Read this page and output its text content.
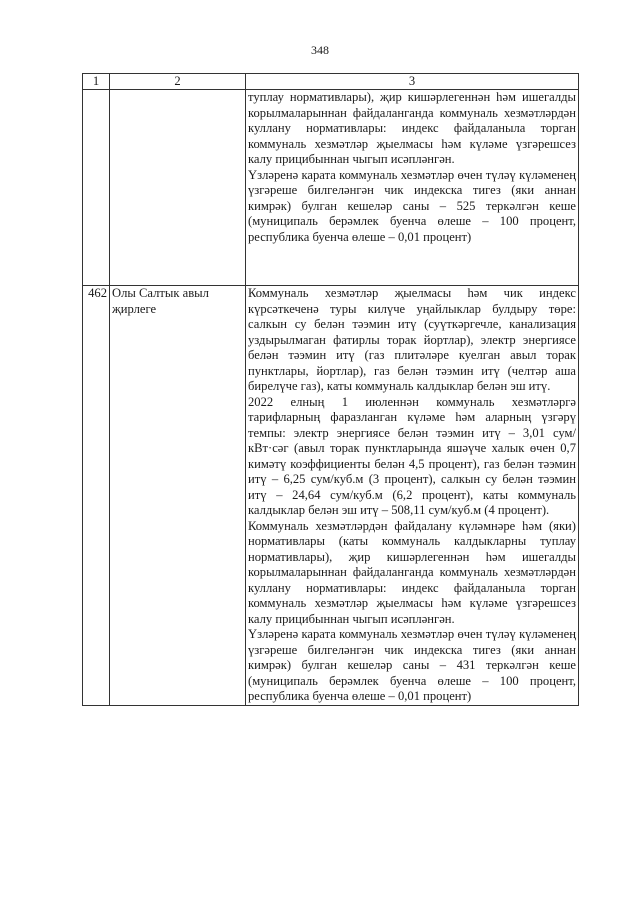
348
1	2	3

		туплау нормативлары), җир кишәрлегеннән һәм ишегалды корылмаларыннан файдаланганда коммуналь хезмәтләрдән куллану нормативлары: индекс файдаланыла торган коммуналь хезмәтләр җыелмасы һәм күләме үзгәрешсез калу прицибыннан чыгып исәпләнгән.

Үзләренә карата коммуналь хезмәтләр өчен түләү күләменең үзгәреше билгеләнгән чик индекска тигез (яки аннан кимрәк) булган кешеләр саны – 525 теркәлгән кеше (муниципаль берәмлек буенча өлеше – 100 процент, республика буенча өлеше – 0,01 процент)

462	Олы Салтык авыл җирлеге	Коммуналь хезмәтләр җыелмасы һәм чик индекс күрсәткеченә туры килүче уңайлыклар булдыру төре: салкын су белән тәэмин итү (суүткәргечле, канализация уздырылмаган фатирлы торак йортлар), электр энергиясе белән тәэмин итү (газ плитәләре куелган авыл торак пунктлары, йортлар), газ белән тәэмин итү (челтәр аша бирелүче газ), каты коммуналь калдыклар белән эш итү.

2022 елның 1 июленнән коммуналь хезмәтләргә тарифларның фаразланган күләме һәм аларның үзгәрү темпы: электр энергиясе белән тәэмин итү – 3,01 сум/кВт·сәг (авыл торак пунктларында яшәүче халык өчен 0,7 кимәтү коэффициенты белән 4,5 процент), газ белән тәэмин итү – 6,25 сум/куб.м (3 процент), салкын су белән тәэмин итү – 24,64 сум/куб.м (6,2 процент), каты коммуналь калдыклар белән эш итү – 508,11 сум/куб.м (4 процент).

Коммуналь хезмәтләрдән файдалану күләмнәре һәм (яки) нормативлары (каты коммуналь калдыкларны туплау нормативлары), җир кишәрлегеннән һәм ишегалды корылмаларыннан файдаланганда коммуналь хезмәтләрдән куллану нормативлары: индекс файдаланыла торган коммуналь хезмәтләр җыелмасы һәм күләме үзгәрешсез калу прицибыннан чыгып исәпләнгән.

Үзләренә карата коммуналь хезмәтләр өчен түләү күләменең үзгәреше билгеләнгән чик индекска тигез (яки аннан кимрәк) булган кешеләр саны – 431 теркәлгән кеше (муниципаль берәмлек буенча өлеше – 100 процент, республика буенча өлеше – 0,01 процент)
